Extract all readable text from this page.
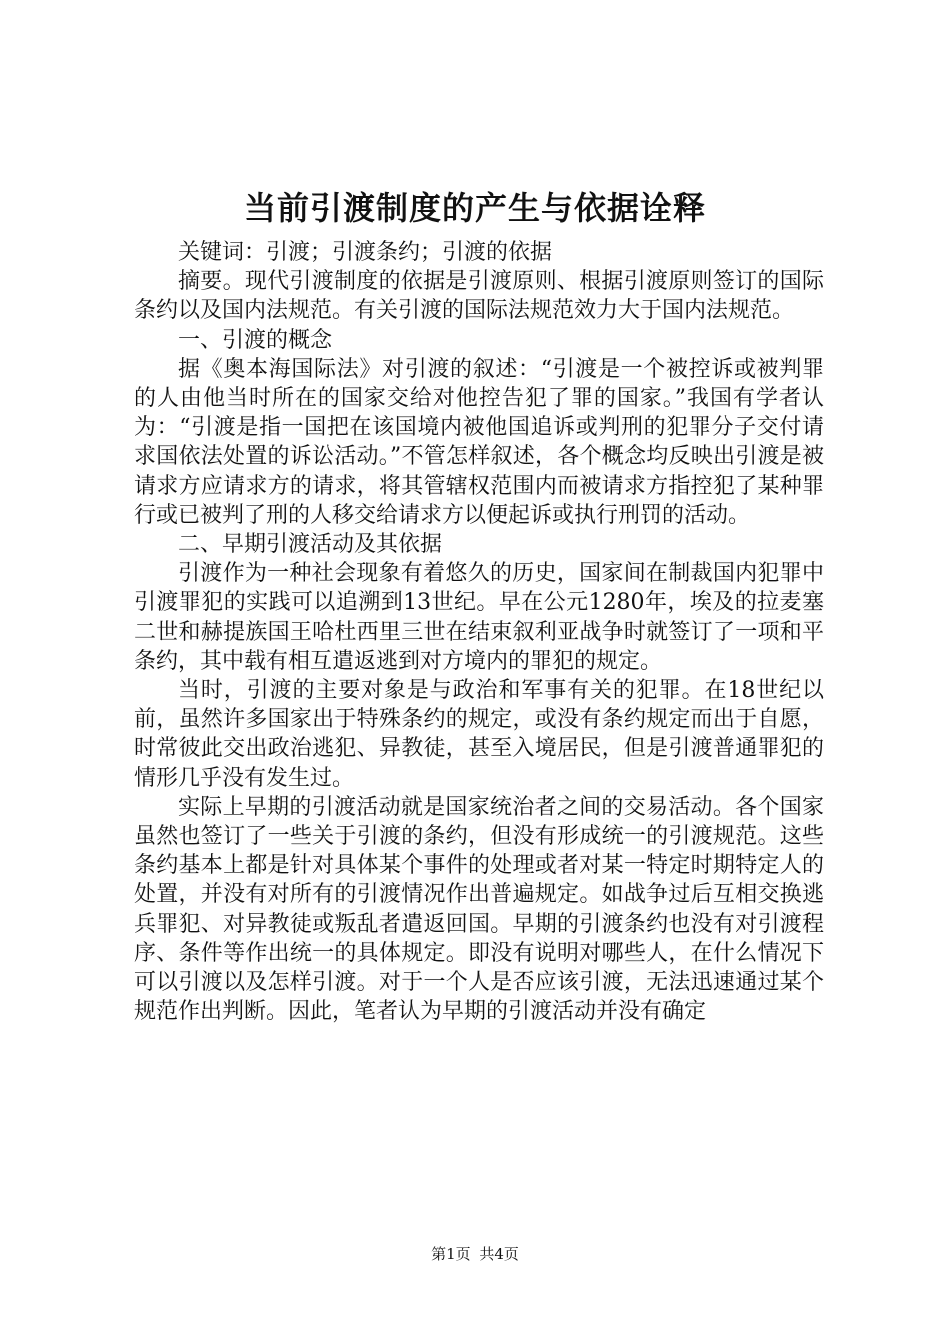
当前引渡制度的产生与依据诠释

关键词：引渡；引渡条约；引渡的依据

摘要。现代引渡制度的依据是引渡原则、根据引渡原则签订的国际条约以及国内法规范。有关引渡的国际法规范效力大于国内法规范。

一、引渡的概念

据《奥本海国际法》对引渡的叙述：“引渡是一个被控诉或被判罪的人由他当时所在的国家交给对他控告犯了罪的国家。”我国有学者认为：“引渡是指一国把在该国境内被他国追诉或判刑的犯罪分子交付请求国依法处置的诉讼活动。”不管怎样叙述，各个概念均反映出引渡是被请求方应请求方的请求，将其管辖权范围内而被请求方指控犯了某种罪行或已被判了刑的人移交给请求方以便起诉或执行刑罚的活动。

二、早期引渡活动及其依据

引渡作为一种社会现象有着悠久的历史，国家间在制裁国内犯罪中引渡罪犯的实践可以追溯到13世纪。早在公元1280年，埃及的拉麦塞二世和赫提族国王哈杜西里三世在结束叙利亚战争时就签订了一项和平条约，其中载有相互遣返逃到对方境内的罪犯的规定。

当时，引渡的主要对象是与政治和军事有关的犯罪。在18世纪以前，虽然许多国家出于特殊条约的规定，或没有条约规定而出于自愿，时常彼此交出政治逃犯、异教徒，甚至入境居民，但是引渡普通罪犯的情形几乎没有发生过。

实际上早期的引渡活动就是国家统治者之间的交易活动。各个国家虽然也签订了一些关于引渡的条约，但没有形成统一的引渡规范。这些条约基本上都是针对具体某个事件的处理或者对某一特定时期特定人的处置，并没有对所有的引渡情况作出普遍规定。如战争过后互相交换逃兵罪犯、对异教徒或叛乱者遣返回国。早期的引渡条约也没有对引渡程序、条件等作出统一的具体规定。即没有说明对哪些人，在什么情况下可以引渡以及怎样引渡。对于一个人是否应该引渡，无法迅速通过某个规范作出判断。因此，笔者认为早期的引渡活动并没有确定

第1页 共4页
